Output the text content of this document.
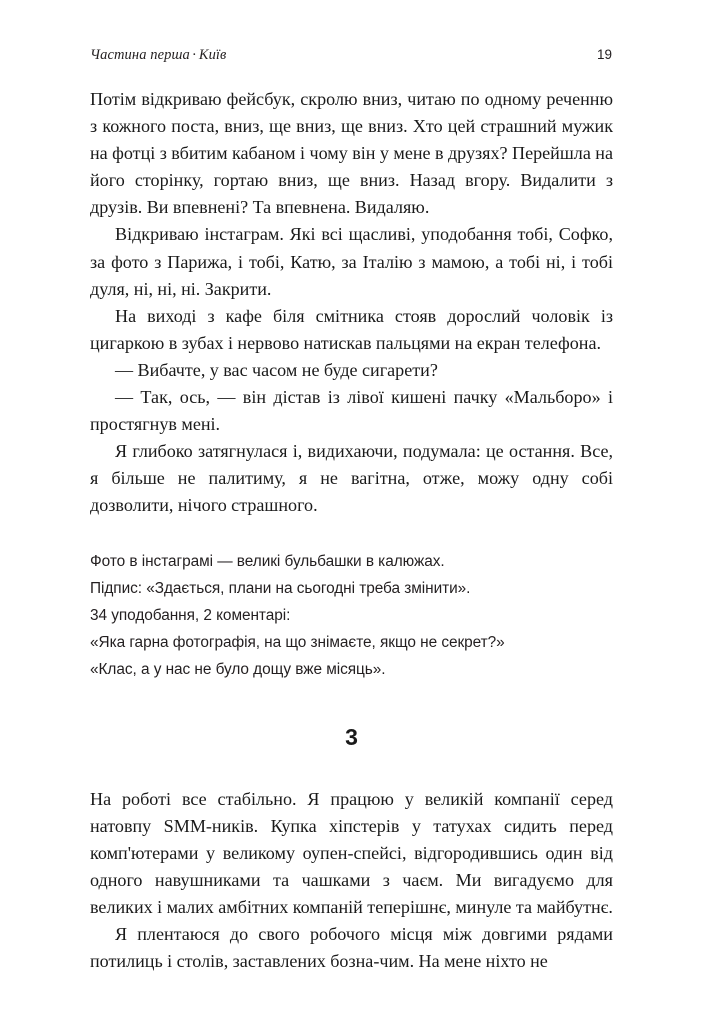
Частина перша · Київ	19

Потім відкриваю фейсбук, скролю вниз, читаю по одному реченню з кожного поста, вниз, ще вниз, ще вниз. Хто цей страшний мужик на фотці з вбитим кабаном і чому він у мене в друзях? Перейшла на його сторінку, гортаю вниз, ще вниз. Назад вгору. Видалити з друзів. Ви впевнені? Та впевнена. Видаляю.

Відкриваю інстаграм. Які всі щасливі, уподобання тобі, Софко, за фото з Парижа, і тобі, Катю, за Італію з мамою, а тобі ні, і тобі дуля, ні, ні, ні. Закрити.

На виході з кафе біля смітника стояв дорослий чоловік із цигаркою в зубах і нервово натискав пальцями на екран телефона.

— Вибачте, у вас часом не буде сигарети?

— Так, ось, — він дістав із лівої кишені пачку «Мальборо» і простягнув мені.

Я глибоко затягнулася і, видихаючи, подумала: це остання. Все, я більше не палитиму, я не вагітна, отже, можу одну собі дозволити, нічого страшного.

Фото в інстаграмі — великі бульбашки в калюжах.

Підпис: «Здається, плани на сьогодні треба змінити».

34 уподобання, 2 коментарі:

«Яка гарна фотографія, на що знімаєте, якщо не секрет?»

«Клас, а у нас не було дощу вже місяць».

3

На роботі все стабільно. Я працюю у великій компанії серед натовпу SMM-ників. Купка хіпстерів у татухах сидить перед комп'ютерами у великому оупен-спейсі, відгородившись один від одного навушниками та чашками з чаєм. Ми вигадуємо для великих і малих амбітних компаній теперішнє, минуле та майбутнє.

Я плентаюся до свого робочого місця між довгими рядами потилиць і столів, заставлених бозна-чим. На мене ніхто не
